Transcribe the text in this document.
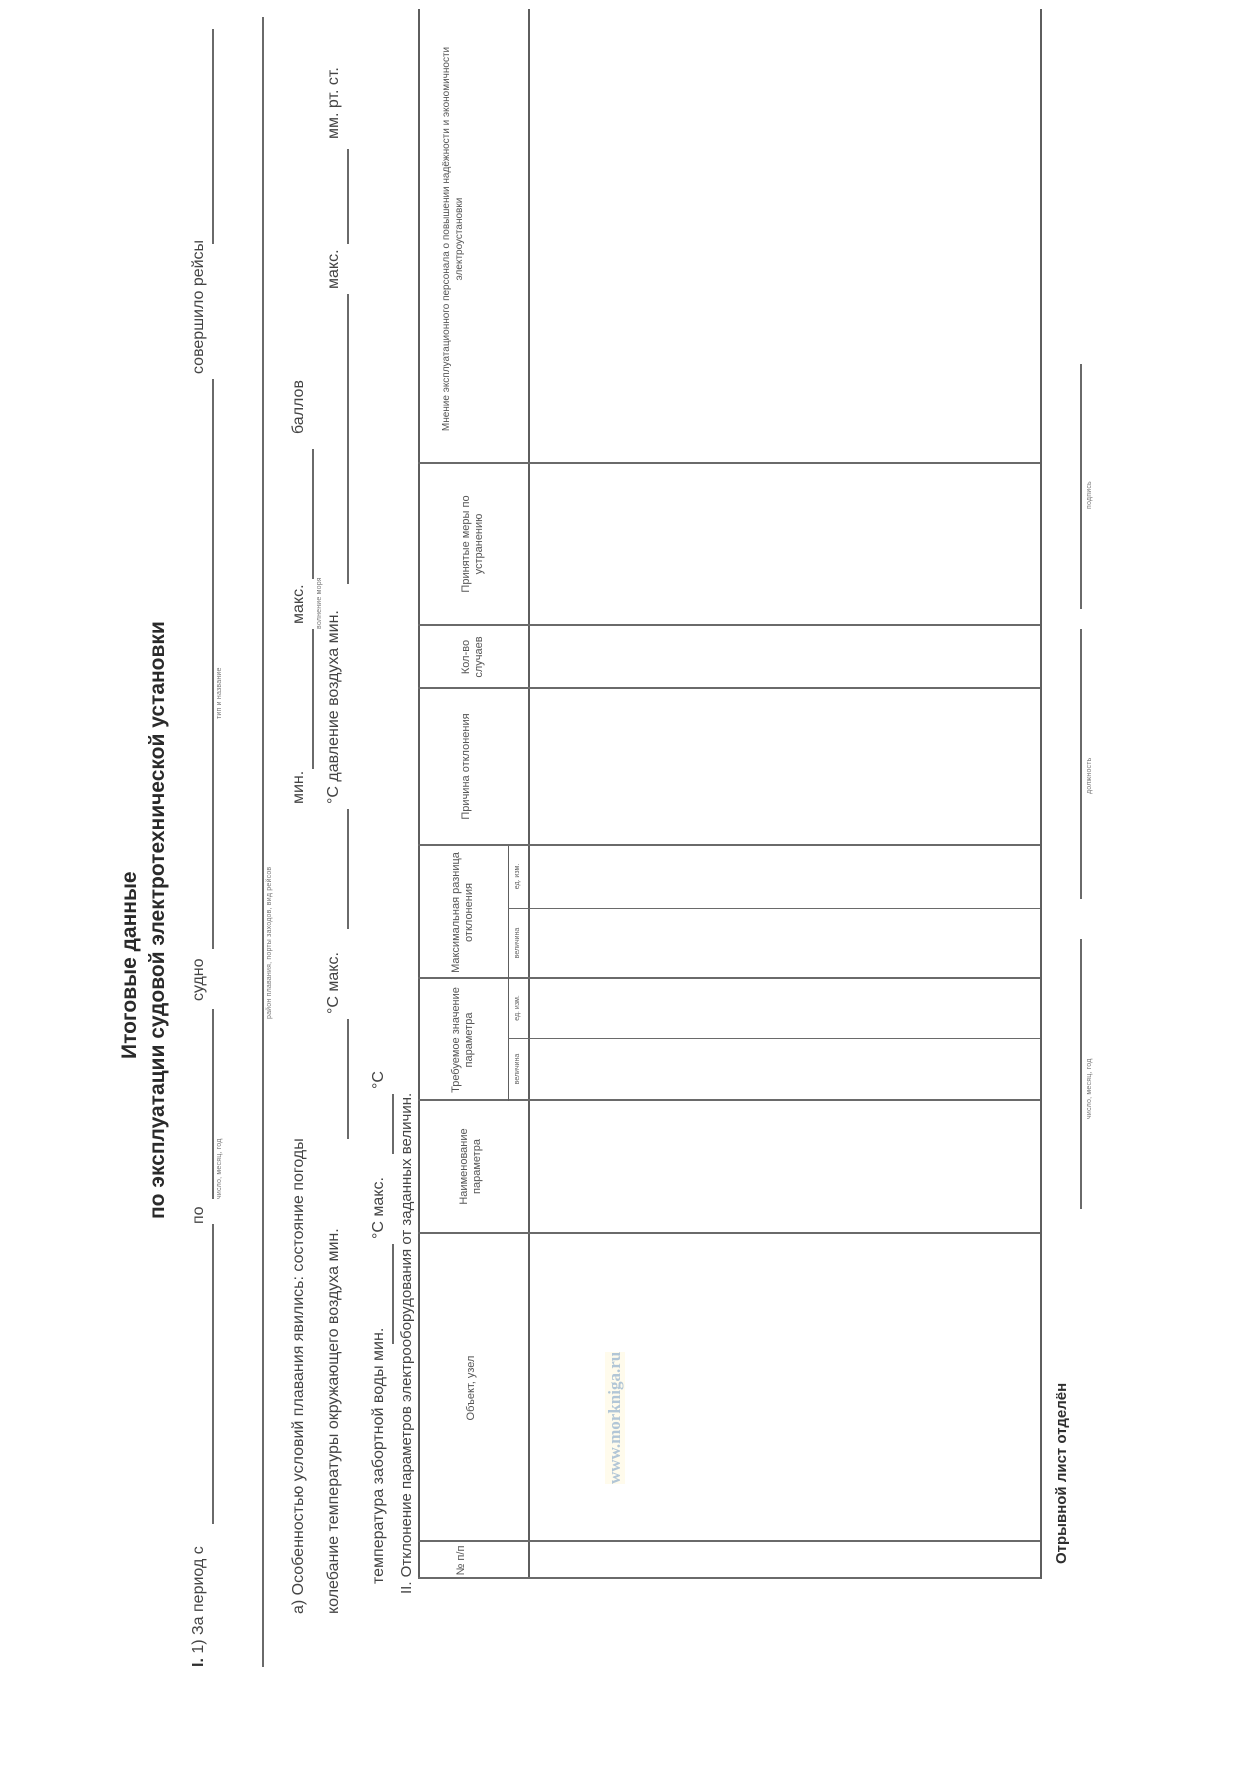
Итоговые данные по эксплуатации судовой электротехнической установки
I. 1) За период с
по
число, месяц, год
судно
тип и название
совершило рейсы
район плавания, порты заходов, вид рейсов
а) Особенностью условий плавания явились: состояние погоды
мин.
макс. волнение моря
баллов
колебание температуры окружающего воздуха мин.
°С макс.
°С давление воздуха мин.
макс.
мм. рт. ст.
температура забортной воды мин.
°С макс.
°С
II. Отклонение параметров электрооборудования от заданных величин.	№ п/п
Объект, узел
Наименование параметра
Требуемое значение параметра
величина
ед. изм.
Максимальная разница отклонения
величина
ед. изм.
Причина отклонения
Кол-во случаев
Принятые меры по устранению
Мнение эксплуатационного персонала о повышении надёжности и экономичности электроустановки
www.morkniga.ru	Отрывной лист отделён
число, месяц, год
должность
подпись
